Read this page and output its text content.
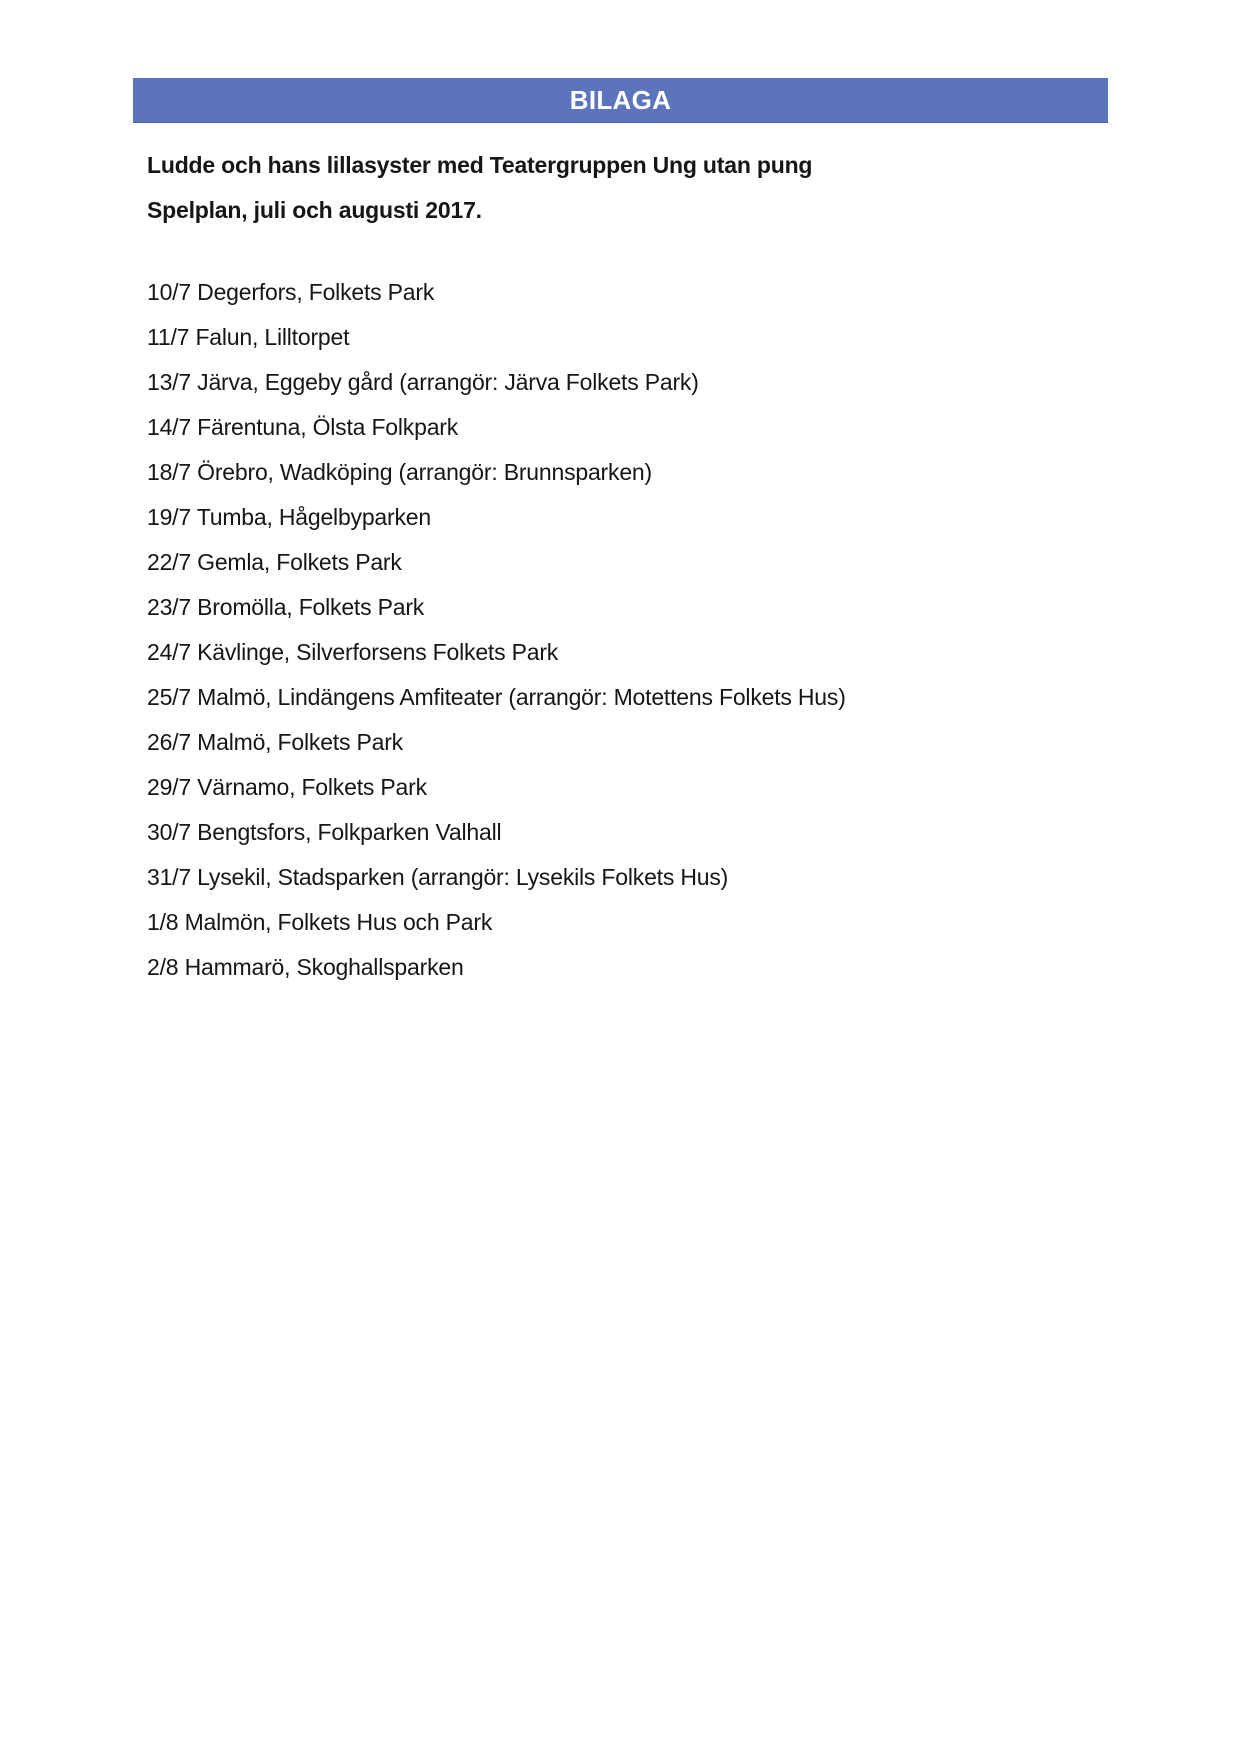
BILAGA

Ludde och hans lillasyster med Teatergruppen Ung utan pung

Spelplan, juli och augusti 2017.

10/7 Degerfors, Folkets Park

11/7 Falun, Lilltorpet

13/7 Järva, Eggeby gård (arrangör: Järva Folkets Park)

14/7 Färentuna, Ölsta Folkpark

18/7 Örebro, Wadköping (arrangör: Brunnsparken)

19/7 Tumba, Hågelbyparken

22/7 Gemla, Folkets Park

23/7 Bromölla, Folkets Park

24/7 Kävlinge, Silverforsens Folkets Park

25/7 Malmö, Lindängens Amfiteater (arrangör: Motettens Folkets Hus)

26/7 Malmö, Folkets Park

29/7 Värnamo, Folkets Park

30/7 Bengtsfors, Folkparken Valhall

31/7 Lysekil, Stadsparken (arrangör: Lysekils Folkets Hus)

1/8 Malmön, Folkets Hus och Park

2/8 Hammarö, Skoghallsparken
